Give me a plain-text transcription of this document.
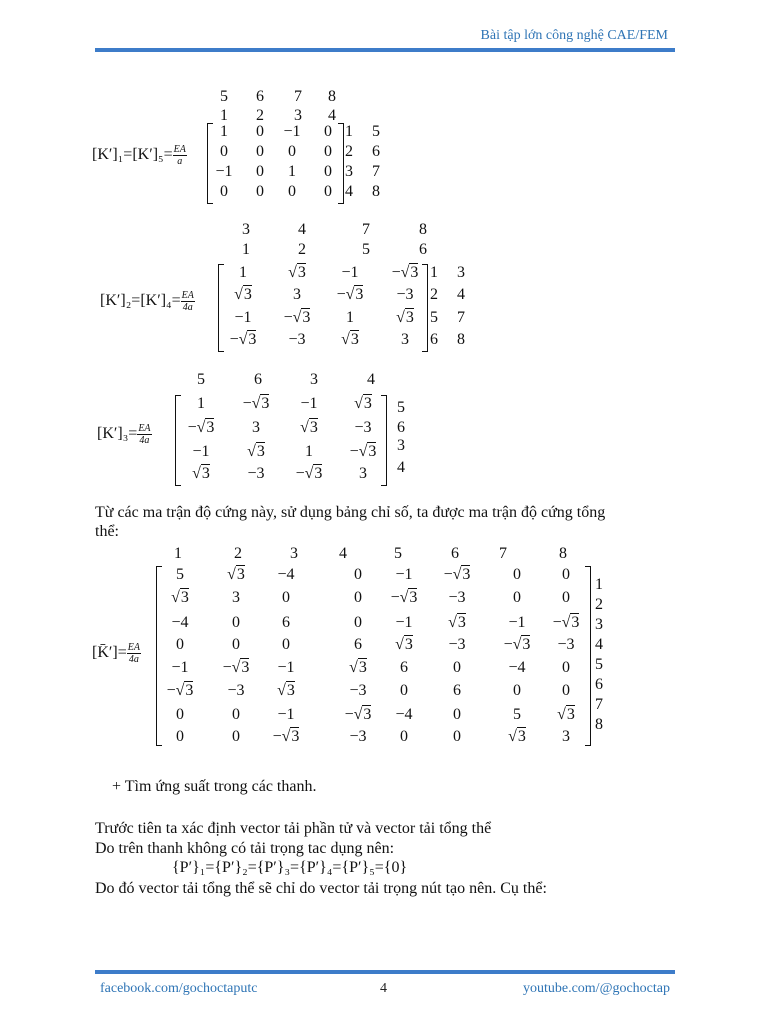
Bài tập lớn công nghệ CAE/FEM
$[K']_1=[K']_5= \frac{EA}{a}$
5	6	7	8
1	2	3	4
1	0	−1	0
0	0	0	0
−1	0	1	0
0	0	0	0
1 5
2 6
3 7
4 8
$[K']_2=[K']_4= \frac{EA}{4a}$
3	4	7	8
1	2	5	6
1	√3	−1	−√3
√3	3	−√3	−3
−1	−√3	1	√3
−√3	−3	√3	3
1 3
2 4
5 7
6 8
$[K']_3= \frac{EA}{4a}$
5	6	3	4
1	−√3	−1	√3
−√3	3	√3	−3
−1	√3	1	−√3
√3	−3	−√3	3
5
6
3
4
[K̄′]= $\frac{EA}{4a}$
1	2	3	4	5	6	7	8
5	√3	−4	0	−1	−√3	0	0
√3	3	0	0	−√3	−3	0	0
−4	0	6	0	−1	√3	−1	−√3
0	0	0	6	√3	−3	−√3	−3
−1	−√3	−1	√3	6	0	−4	0
−√3	−3	√3	−3	0	6	0	0
0	0	−1	−√3	−4	0	5	√3
0	0	−√3	−3	0	0	√3	3
1
2
3
4
5
6
7
8
Từ các ma trận độ cứng này, sử dụng bảng chỉ số, ta được ma trận độ cứng tổng
thể:
+ Tìm ứng suất trong các thanh.
Trước tiên ta xác định vector tải phần tử và vector tải tổng thể
Do trên thanh không có tải trọng tac dụng nên:
{P′}₁={P′}₂={P′}₃={P′}₄={P′}₅={0}
Do đó vector tải tổng thể sẽ chỉ do vector tải trọng nút tạo nên. Cụ thể:
facebook.com/gochoctaputc	4	youtube.com/@gochoctap
